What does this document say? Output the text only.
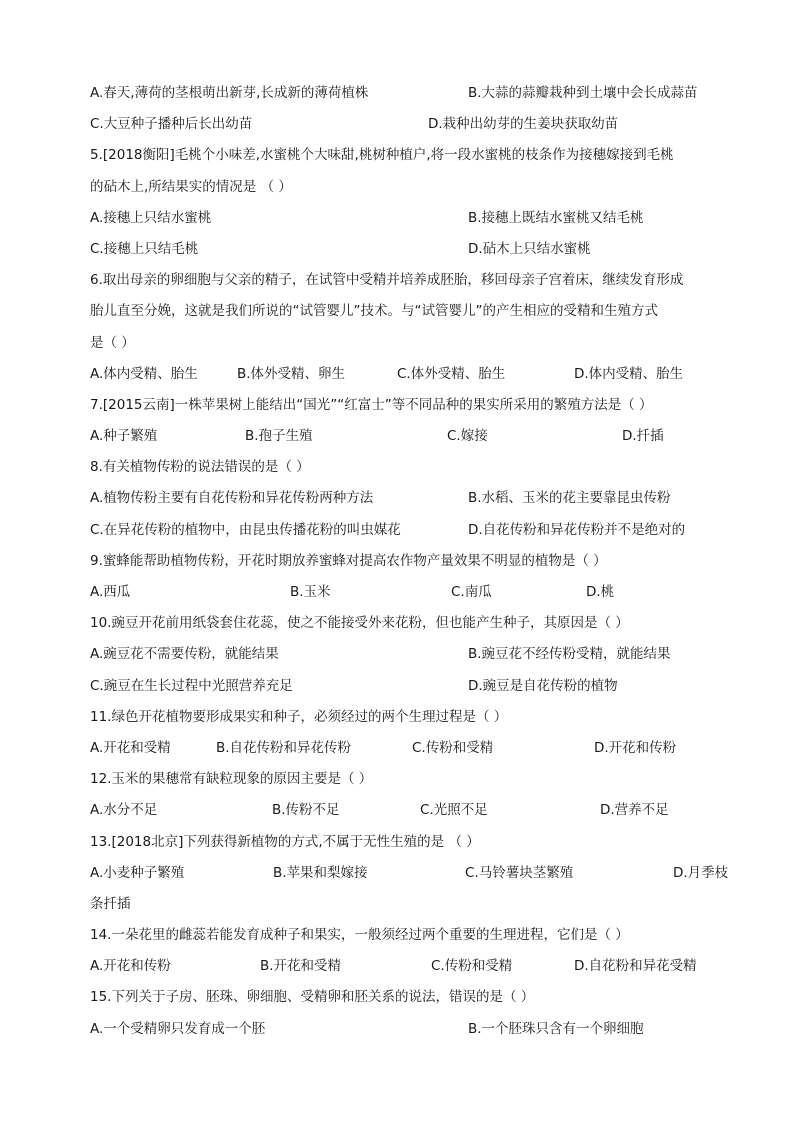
A.春天,薄荷的茎根萌出新芽,长成新的薄荷植株	B.大蒜的蒜瓣栽种到土壤中会长成蒜苗
C.大豆种子播种后长出幼苗	D.栽种出幼芽的生姜块获取幼苗
5.[2018衡阳]毛桃个小味差,水蜜桃个大味甜,桃树种植户,将一段水蜜桃的枝条作为接穗嫁接到毛桃
的砧木上,所结果实的情况是 （ ）
A.接穗上只结水蜜桃	B.接穗上既结水蜜桃又结毛桃
C.接穗上只结毛桃	D.砧木上只结水蜜桃
6.取出母亲的卵细胞与父亲的精子，在试管中受精并培养成胚胎，移回母亲子宫着床，继续发育形成
胎儿直至分娩，这就是我们所说的“试管婴儿”技术。与“试管婴儿”的产生相应的受精和生殖方式
是（ ）
A.体内受精、胎生	B.体外受精、卵生	C.体外受精、胎生	D.体内受精、胎生
7.[2015云南]一株苹果树上能结出“国光”“红富士”等不同品种的果实所采用的繁殖方法是（ ）
A.种子繁殖	B.孢子生殖	C.嫁接	D.扦插
8.有关植物传粉的说法错误的是（ ）
A.植物传粉主要有自花传粉和异花传粉两种方法	B.水稻、玉米的花主要靠昆虫传粉
C.在异花传粉的植物中，由昆虫传播花粉的叫虫媒花	D.自花传粉和异花传粉并不是绝对的
9.蜜蜂能帮助植物传粉，开花时期放养蜜蜂对提高农作物产量效果不明显的植物是（ ）
A.西瓜	B.玉米	C.南瓜	D.桃
10.豌豆开花前用纸袋套住花蕊，使之不能接受外来花粉，但也能产生种子，其原因是（ ）
A.豌豆花不需要传粉，就能结果	B.豌豆花不经传粉受精，就能结果
C.豌豆在生长过程中光照营养充足	D.豌豆是自花传粉的植物
11.绿色开花植物要形成果实和种子，必须经过的两个生理过程是（ ）
A.开花和受精	B.自花传粉和异花传粉	C.传粉和受精	D.开花和传粉
12.玉米的果穗常有缺粒现象的原因主要是（ ）
A.水分不足	B.传粉不足	C.光照不足	D.营养不足
13.[2018北京]下列获得新植物的方式,不属于无性生殖的是 （ ）
A.小麦种子繁殖	B.苹果和梨嫁接	C.马铃薯块茎繁殖	D.月季枝
条扦插
14.一朵花里的雌蕊若能发育成种子和果实，一般须经过两个重要的生理进程，它们是（ ）
A.开花和传粉	B.开花和受精	C.传粉和受精	D.自花粉和异花受精
15.下列关于子房、胚珠、卵细胞、受精卵和胚关系的说法，错误的是（ ）
A.一个受精卵只发育成一个胚	B.一个胚珠只含有一个卵细胞
